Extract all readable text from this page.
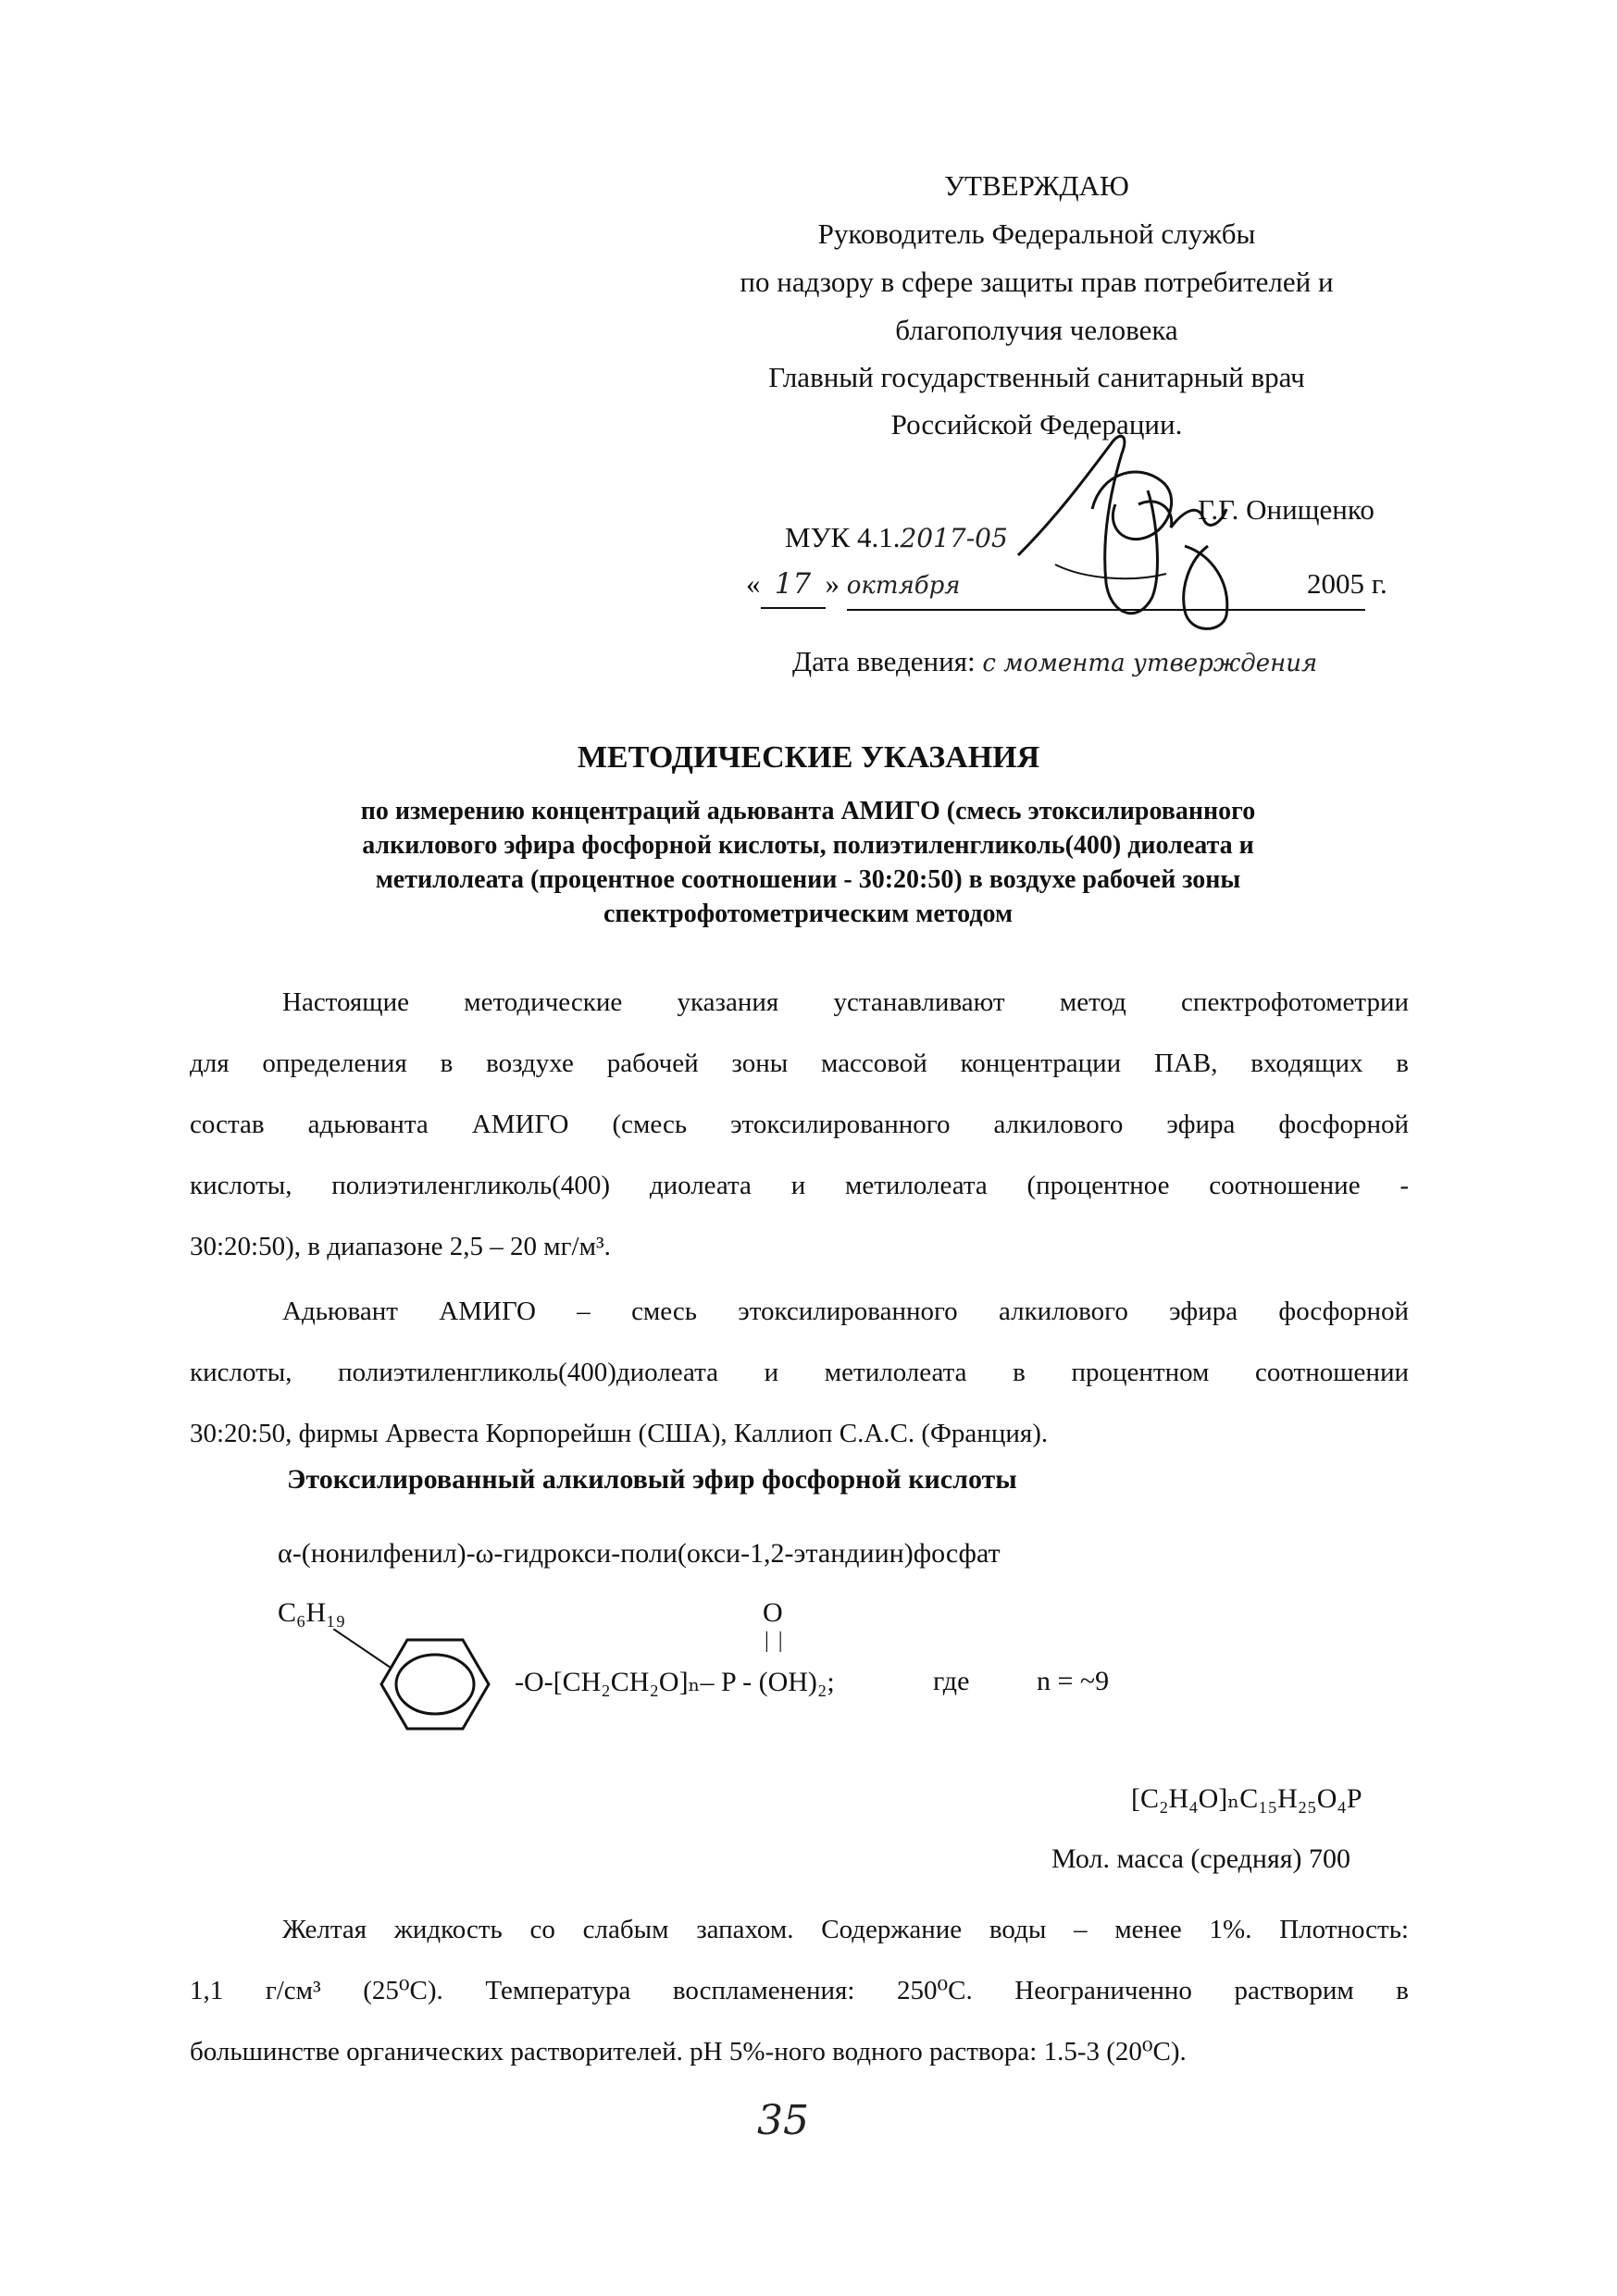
УТВЕРЖДАЮ
Руководитель Федеральной службы
по надзору в сфере защиты прав потребителей и
благополучия человека
Главный государственный санитарный врач
Российской Федерации.
Г.Г. Онищенко
МУК 4.1.2017-05
« 17 » октября	2005 г.
Дата введения: с момента утверждения
МЕТОДИЧЕСКИЕ УКАЗАНИЯ
по измерению концентраций адьюванта АМИГО (смесь этоксилированного
алкилового эфира фосфорной кислоты, полиэтиленгликоль(400) диолеата и
метилолеата (процентное соотношении - 30:20:50) в воздухе рабочей зоны
спектрофотометрическим методом
Настоящие методические указания устанавливают метод спектрофотометрии
для определения в воздухе рабочей зоны массовой концентрации ПАВ, входящих в
состав адьюванта АМИГО (смесь этоксилированного алкилового эфира фосфорной
кислоты, полиэтиленгликоль(400) диолеата и метилолеата (процентное соотношение -
30:20:50), в диапазоне 2,5 – 20 мг/м³.
Адьювант АМИГО – смесь этоксилированного алкилового эфира фосфорной
кислоты, полиэтиленгликоль(400)диолеата и метилолеата в процентном соотношении
30:20:50, фирмы Арвеста Корпорейшн (США), Каллиоп С.А.С. (Франция).
Этоксилированный алкиловый эфир фосфорной кислоты
α-(нонилфенил)-ω-гидрокси-поли(окси-1,2-этандиин)фосфат
C₆H₁₉	O
| |
-O-[CH₂CH₂O]ₙ– P - (OH)₂;	где n = ~9
[C₂H₄O]ₙC₁₅H₂₅O₄P
Мол. масса (средняя) 700
Желтая жидкость со слабым запахом. Содержание воды – менее 1%. Плотность:
1,1 г/см³ (25⁰С). Температура воспламенения: 250⁰С. Неограниченно растворим в
большинстве органических растворителей. pH 5%-ного водного раствора: 1.5-3 (20⁰С).
35
